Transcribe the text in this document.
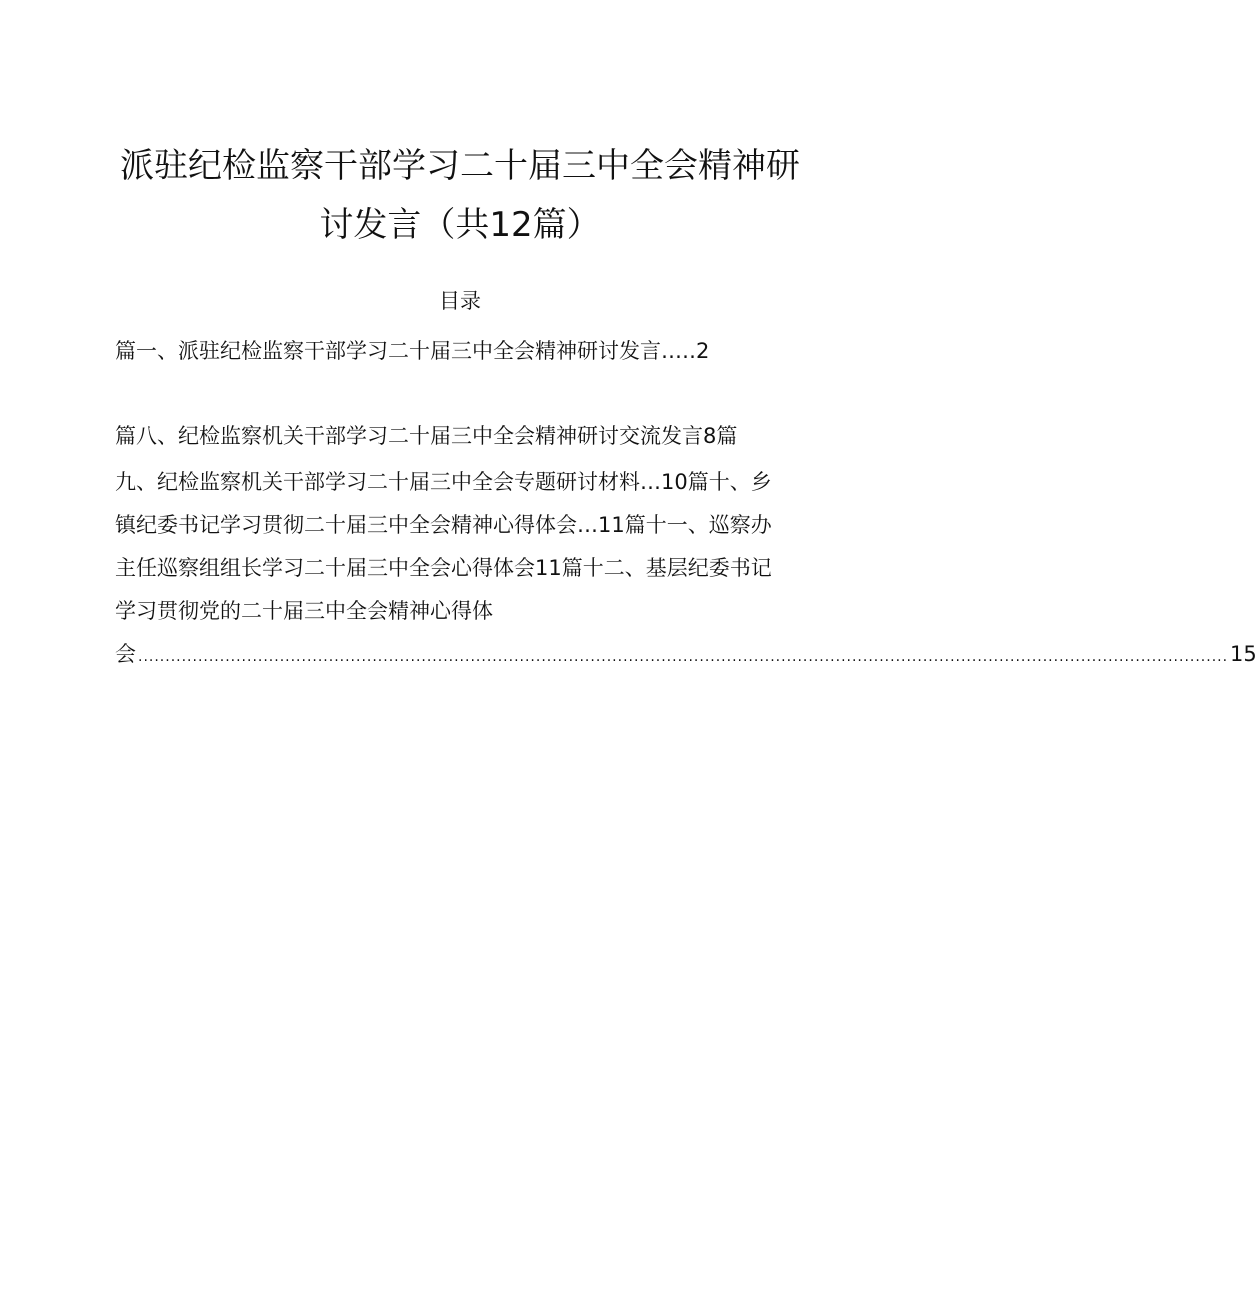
派驻纪检监察干部学习二十届三中全会精神研
讨发言（共12篇）
目录
篇一、派驻纪检监察干部学习二十届三中全会精神研讨发言…‥2
篇八、纪检监察机关干部学习二十届三中全会精神研讨交流发言8篇
九、纪检监察机关干部学习二十届三中全会专题研讨材料…10篇十、乡
镇纪委书记学习贯彻二十届三中全会精神心得体会…11篇十一、巡察办
主任巡察组组长学习二十届三中全会心得体会11篇十二、基层纪委书记
学习贯彻党的二十届三中全会精神心得体
会 ........................................................................................................................................................................................................ 15
